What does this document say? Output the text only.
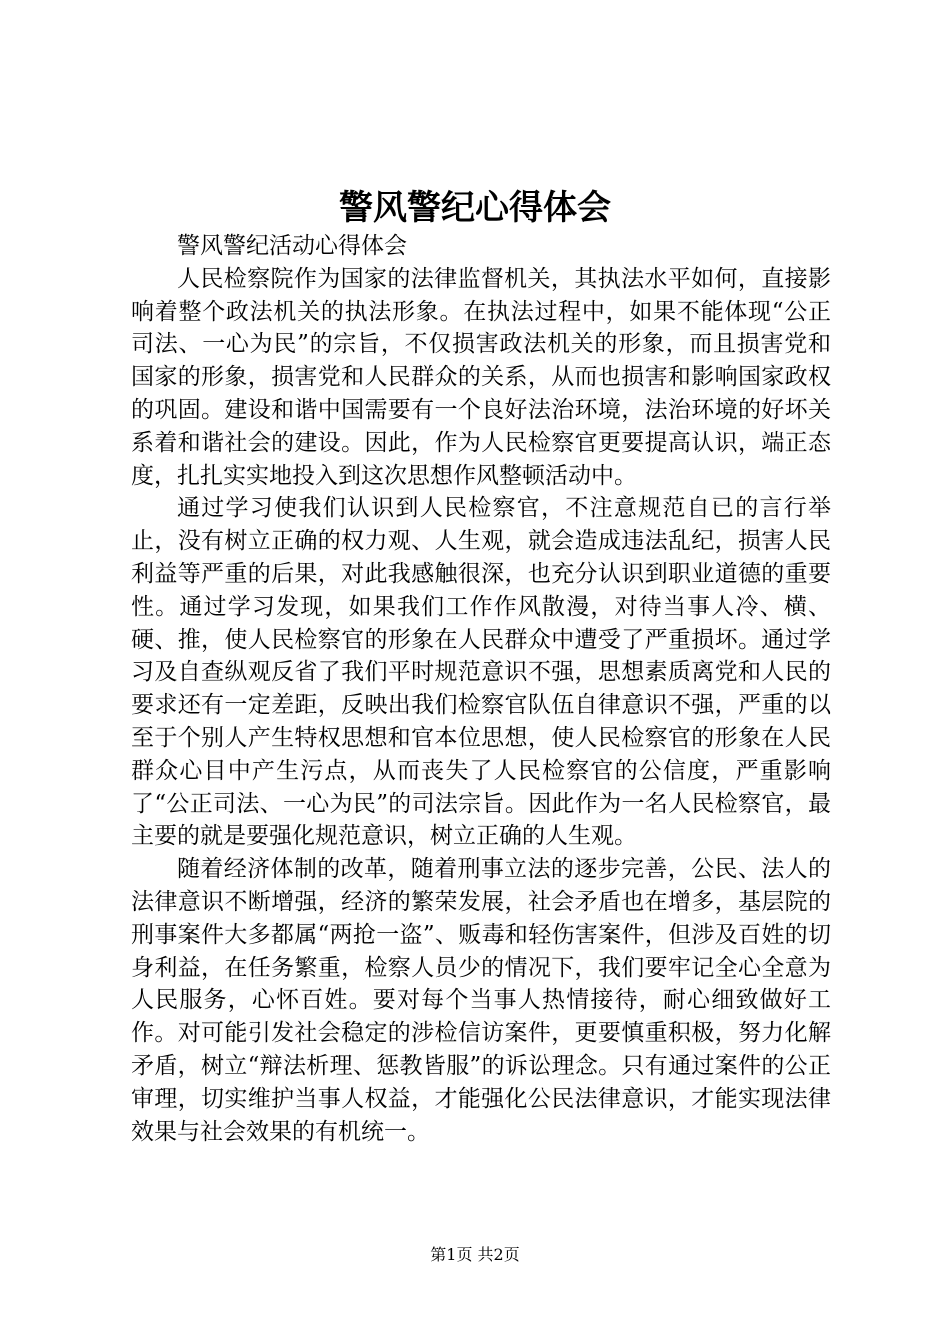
警风警纪心得体会

警风警纪活动心得体会

人民检察院作为国家的法律监督机关，其执法水平如何，直接影响着整个政法机关的执法形象。在执法过程中，如果不能体现“公正司法、一心为民”的宗旨，不仅损害政法机关的形象，而且损害党和国家的形象，损害党和人民群众的关系，从而也损害和影响国家政权的巩固。建设和谐中国需要有一个良好法治环境，法治环境的好坏关系着和谐社会的建设。因此，作为人民检察官更要提高认识，端正态度，扎扎实实地投入到这次思想作风整顿活动中。

通过学习使我们认识到人民检察官，不注意规范自已的言行举止，没有树立正确的权力观、人生观，就会造成违法乱纪，损害人民利益等严重的后果，对此我感触很深，也充分认识到职业道德的重要性。通过学习发现，如果我们工作作风散漫，对待当事人冷、横、硬、推，使人民检察官的形象在人民群众中遭受了严重损坏。通过学习及自查纵观反省了我们平时规范意识不强，思想素质离党和人民的要求还有一定差距，反映出我们检察官队伍自律意识不强，严重的以至于个别人产生特权思想和官本位思想，使人民检察官的形象在人民群众心目中产生污点，从而丧失了人民检察官的公信度，严重影响了“公正司法、一心为民”的司法宗旨。因此作为一名人民检察官，最主要的就是要强化规范意识，树立正确的人生观。

随着经济体制的改革，随着刑事立法的逐步完善，公民、法人的法律意识不断增强，经济的繁荣发展，社会矛盾也在增多，基层院的刑事案件大多都属“两抢一盗”、贩毒和轻伤害案件，但涉及百姓的切身利益，在任务繁重，检察人员少的情况下，我们要牢记全心全意为人民服务，心怀百姓。要对每个当事人热情接待，耐心细致做好工作。对可能引发社会稳定的涉检信访案件，更要慎重积极，努力化解矛盾，树立“辩法析理、惩教皆服”的诉讼理念。只有通过案件的公正审理，切实维护当事人权益，才能强化公民法律意识，才能实现法律效果与社会效果的有机统一。

第1页 共2页
